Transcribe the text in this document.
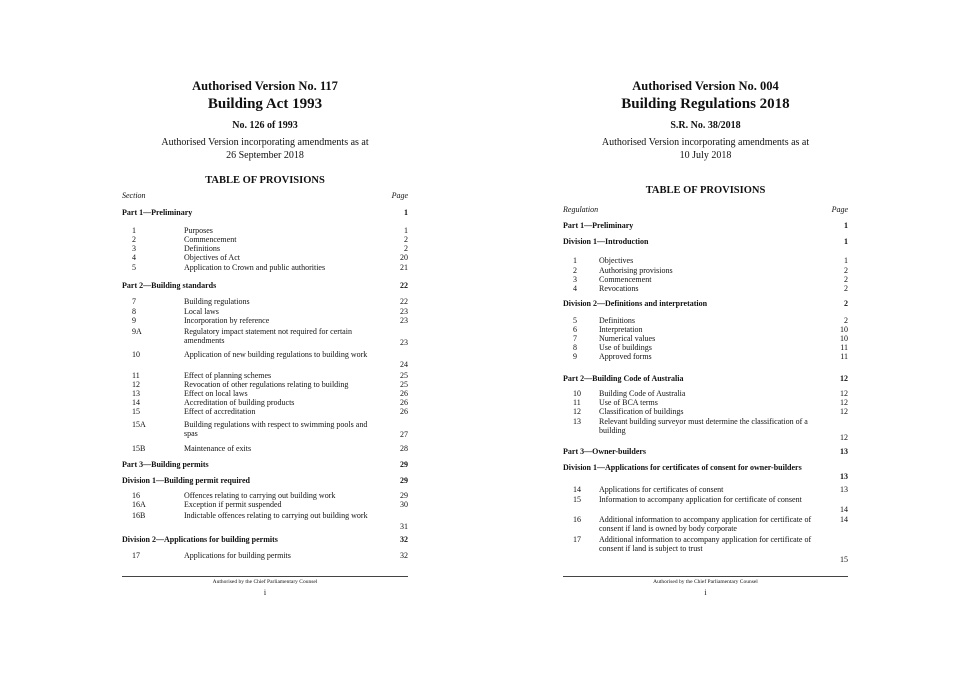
Authorised Version No. 117
Building Act 1993
No. 126 of 1993
Authorised Version incorporating amendments as at
26 September 2018
TABLE OF PROVISIONS
Section	Page
Part 1—Preliminary	1
1	Purposes	1
2	Commencement	2
3	Definitions	2
4	Objectives of Act	20
5	Application to Crown and public authorities	21
Part 2—Building standards	22
7	Building regulations	22
8	Local laws	23
9	Incorporation by reference	23
9A	Regulatory impact statement not required for certain amendments	23
10	Application of new building regulations to building work
24
11	Effect of planning schemes	25
12	Revocation of other regulations relating to building	25
13	Effect on local laws	26
14	Accreditation of building products	26
15	Effect of accreditation	26
15A	Building regulations with respect to swimming pools and spas	27
15B	Maintenance of exits	28
Part 3—Building permits	29
Division 1—Building permit required	29
16	Offences relating to carrying out building work	29
16A	Exception if permit suspended	30
16B	Indictable offences relating to carrying out building work
31
Division 2—Applications for building permits	32
17	Applications for building permits	32
Authorised by the Chief Parliamentary Counsel
i
Authorised Version No. 004
Building Regulations 2018
S.R. No. 38/2018
Authorised Version incorporating amendments as at
10 July 2018
TABLE OF PROVISIONS
Regulation	Page
Part 1—Preliminary	1
Division 1—Introduction	1
1	Objectives	1
2	Authorising provisions	2
3	Commencement	2
4	Revocations	2
Division 2—Definitions and interpretation	2
5	Definitions	2
6	Interpretation	10
7	Numerical values	10
8	Use of buildings	11
9	Approved forms	11
Part 2—Building Code of Australia	12
10 Building Code of Australia	12
11 Use of BCA terms	12
12 Classification of buildings	12
13 Relevant building surveyor must determine the classification of a building
12
Part 3—Owner-builders	13
Division 1—Applications for certificates of consent for owner-builders
13
14 Applications for certificates of consent	13
15 Information to accompany application for certificate of consent
14
16 Additional information to accompany application for certificate of consent if land is owned by body corporate
14
17 Additional information to accompany application for certificate of consent if land is subject to trust
15
Authorised by the Chief Parliamentary Counsel
i
